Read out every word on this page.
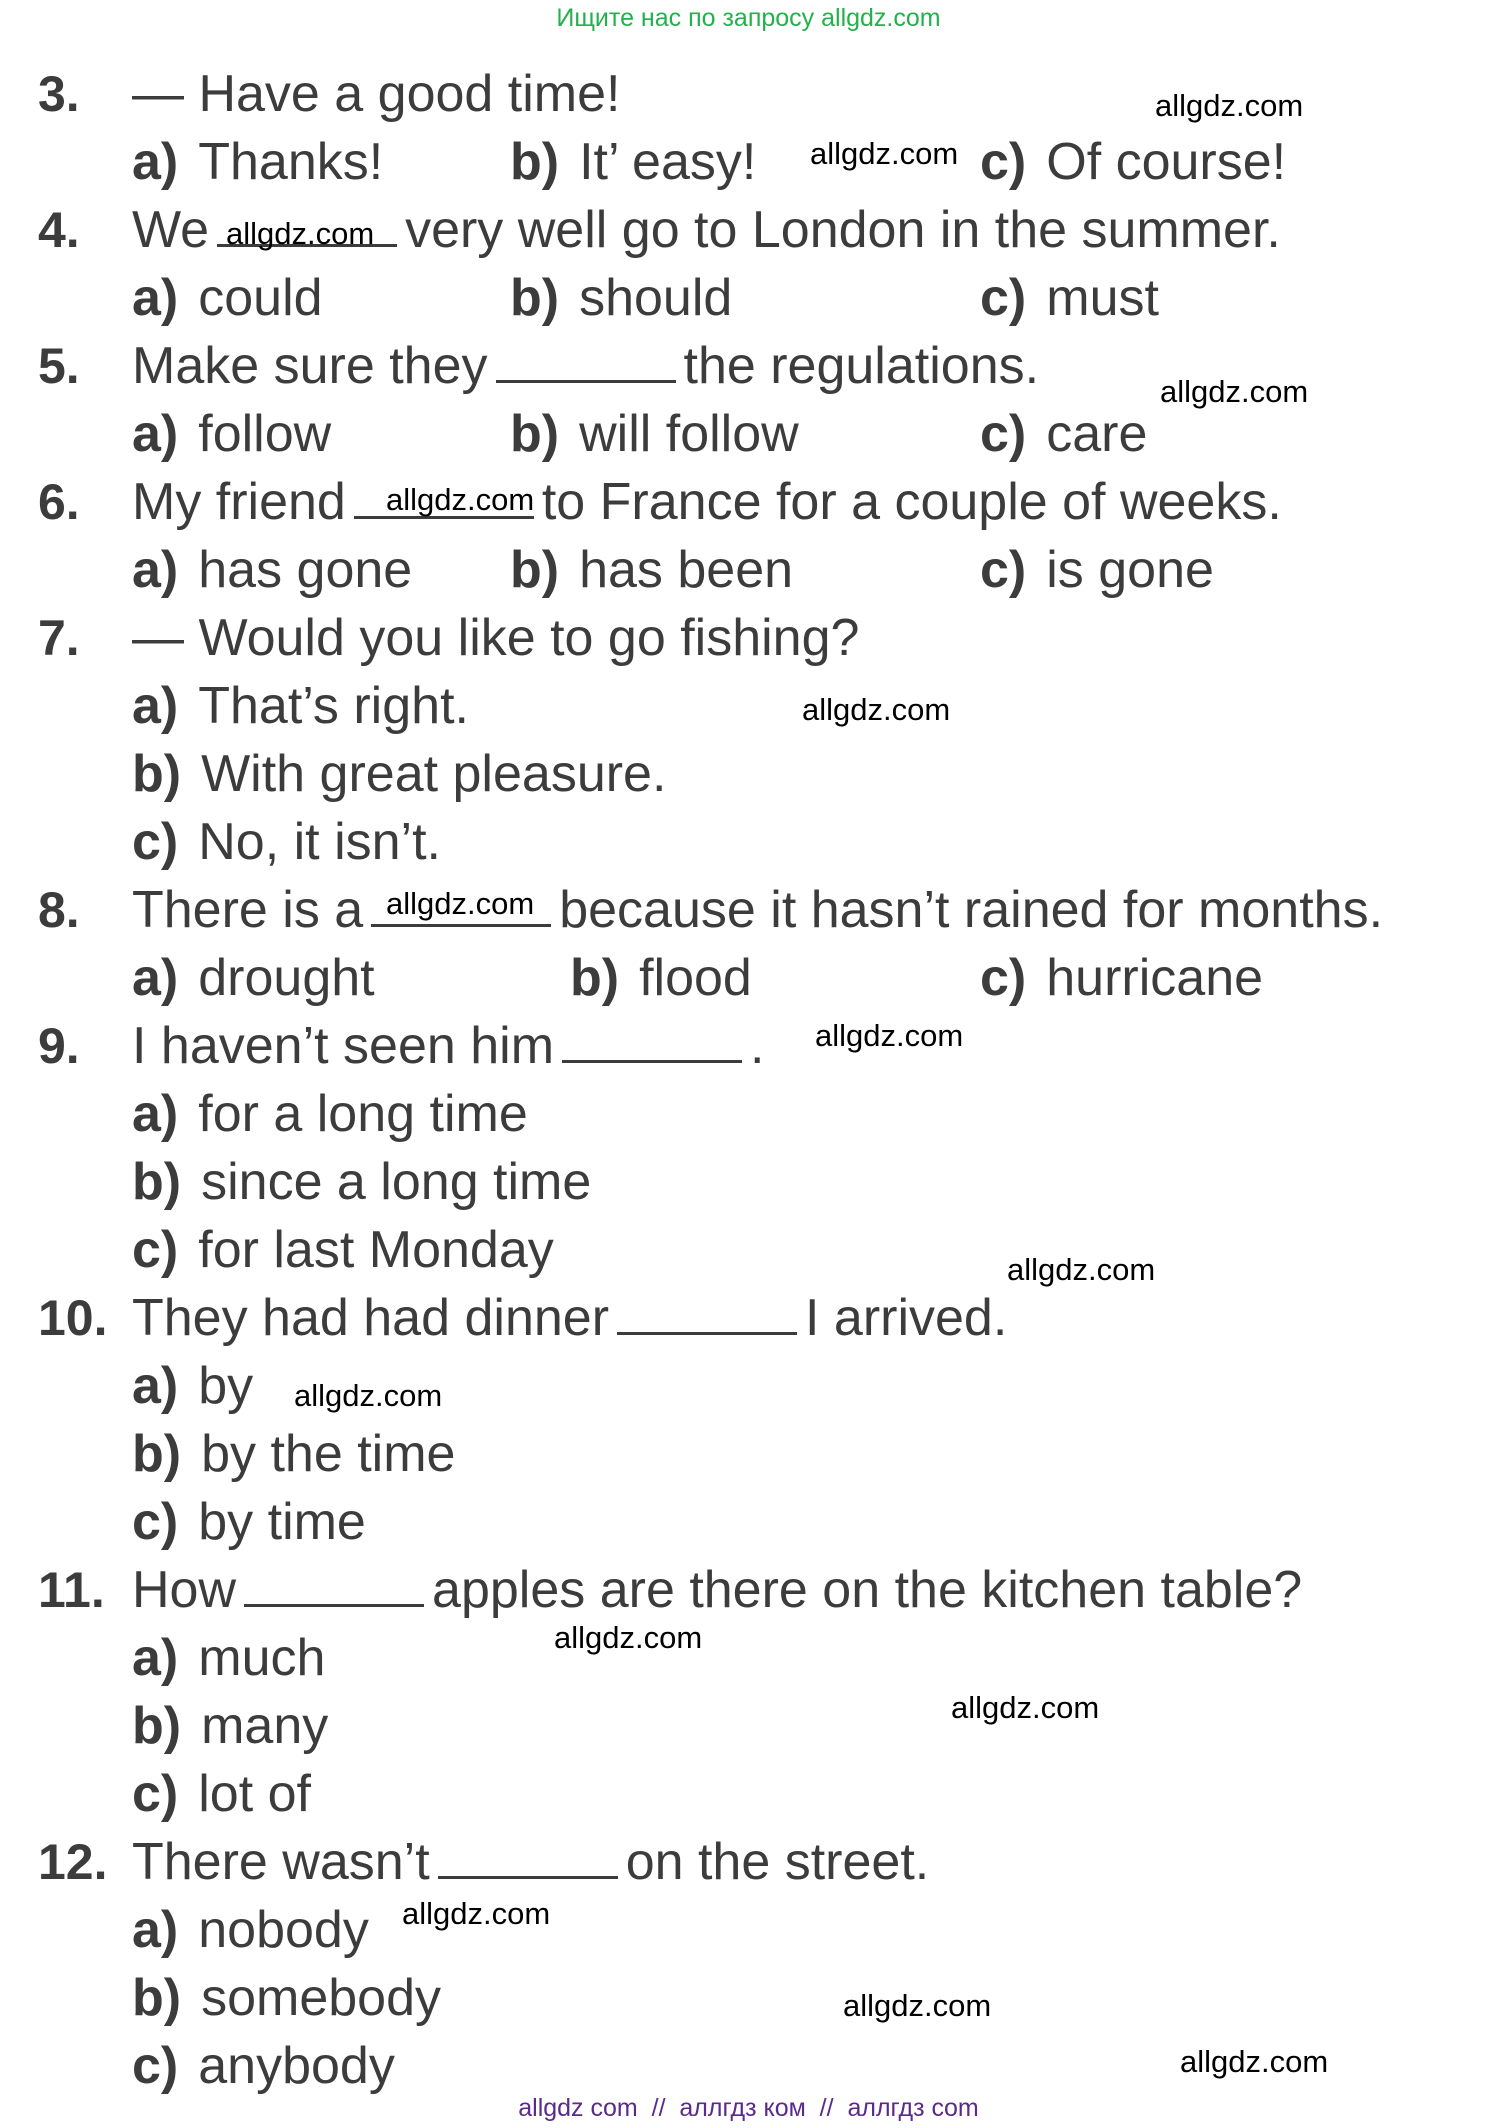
Ищите нас по запросу allgdz.com
3. — Have a good time!
a) Thanks! b) It’ easy!	c) Of course!
4. We	very well go to London in the summer.
a) could	b) should	c) must
5. Make sure they	the regulations.
a) follow	b) will follow	c) care
6. My friend	to France for a couple of weeks.
a) has gone b) has been	c) is gone
7. — Would you like to go fishing?
a) That’s right.
b) With great pleasure.
c) No, it isn’t.
8. There is a	because it hasn’t rained for months.
a) drought	b) flood	c) hurricane
9. I haven’t seen him	.
a) for a long time
b) since a long time
c) for last Monday
10. They had had dinner	I arrived.
a) by
b) by the time
c) by time
11. How	apples are there on the kitchen table?
a) much
b) many
c) lot of
12. There wasn’t	on the street.
a) nobody
b) somebody
c) anybody
allgdz.com
allgdz.com
allgdz.com
allgdz.com
allgdz.com
allgdz.com
allgdz.com
allgdz.com
allgdz.com
allgdz.com
allgdz.com
allgdz.com
allgdz.com
allgdz.com
allgdz.com
allgdz com  //  аллгдз ком  //  аллгдз com
